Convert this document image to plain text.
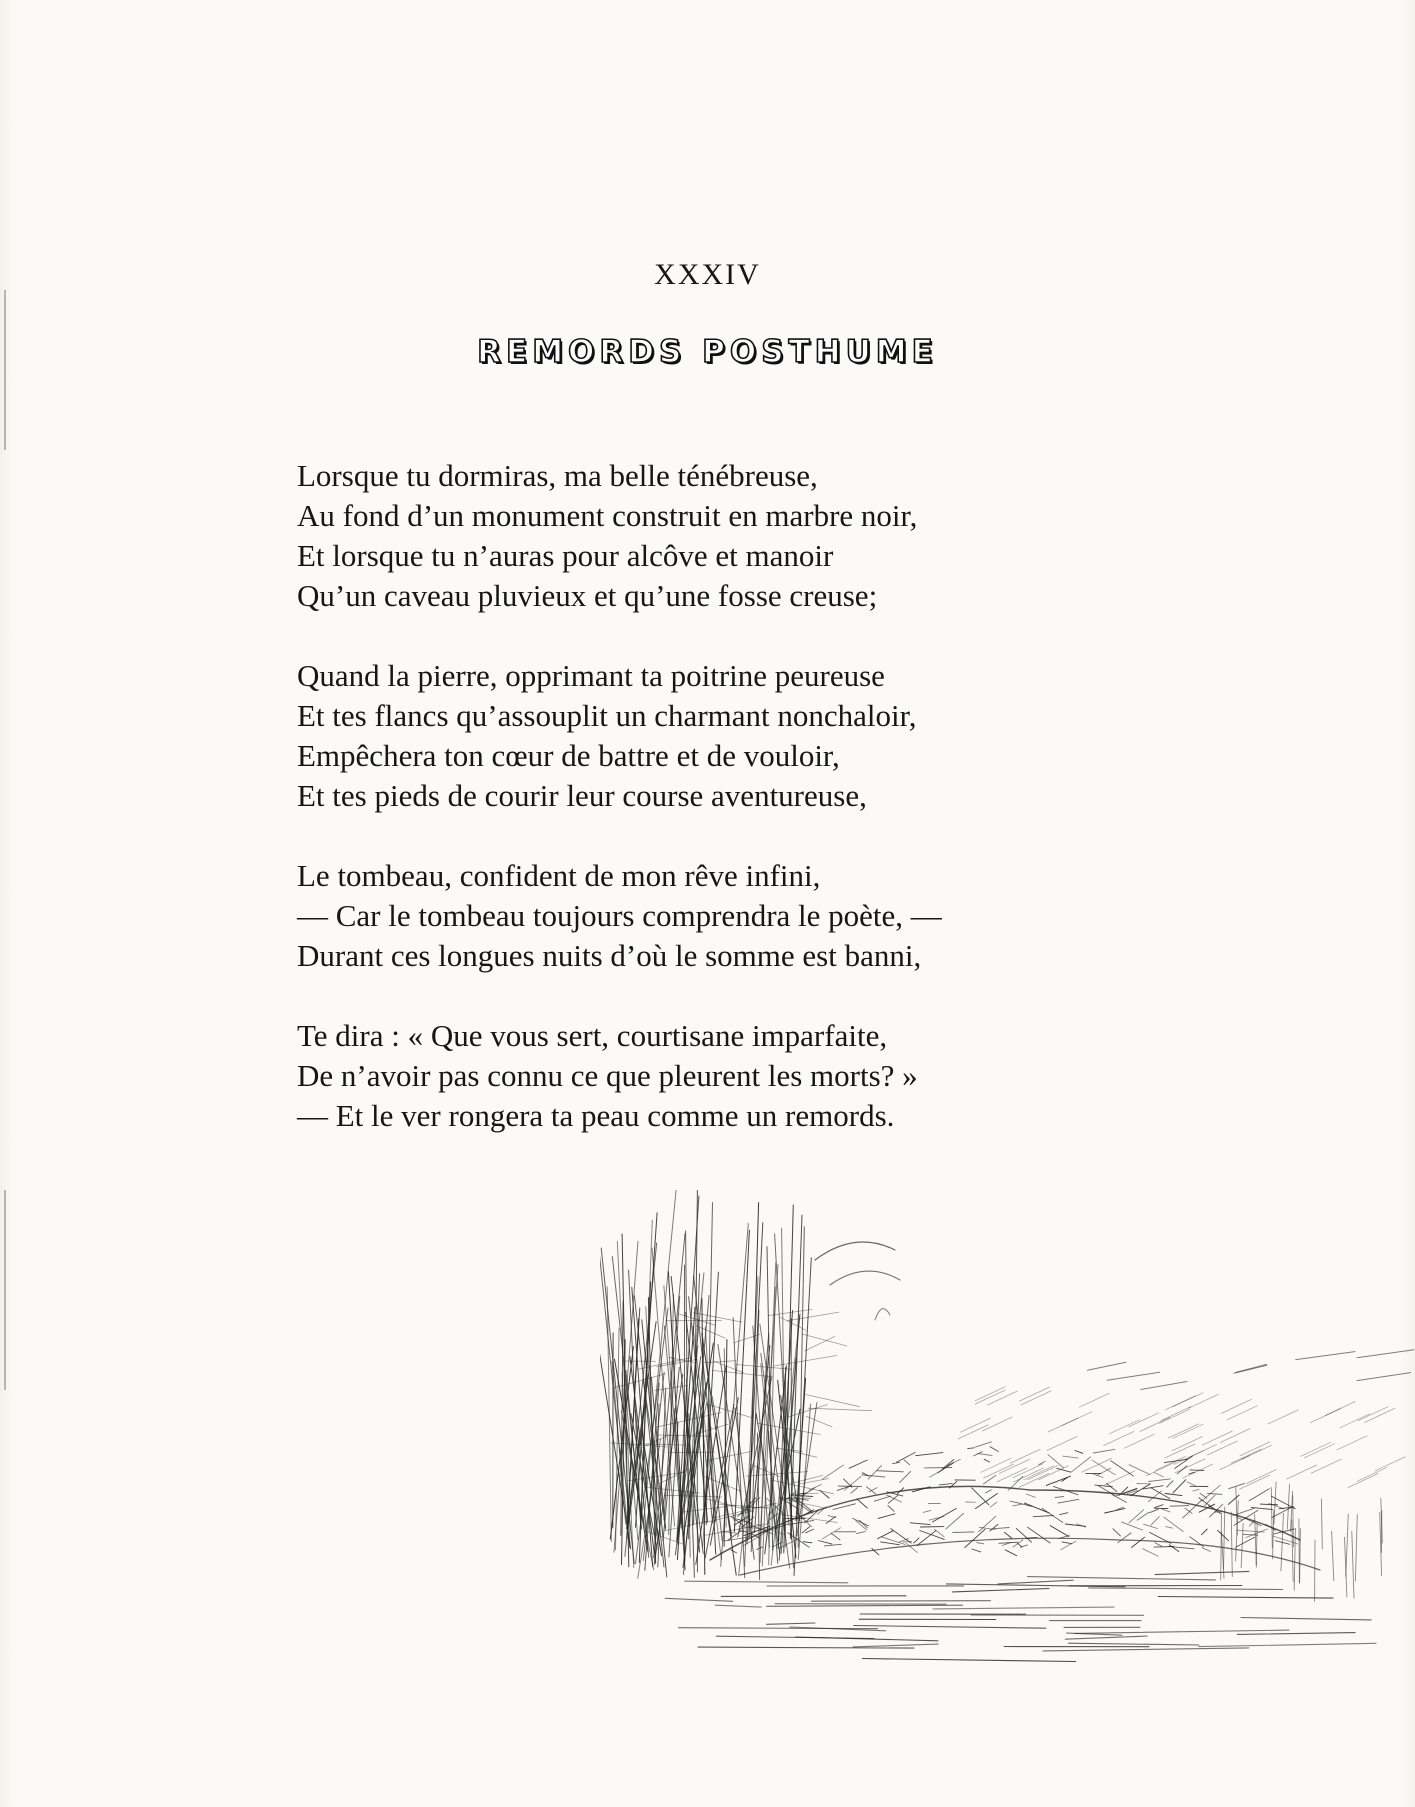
XXXIV
REMORDS POSTHUME
Lorsque tu dormiras, ma belle ténébreuse,
Au fond d’un monument construit en marbre noir,
Et lorsque tu n’auras pour alcôve et manoir
Qu’un caveau pluvieux et qu’une fosse creuse;
Quand la pierre, opprimant ta poitrine peureuse
Et tes flancs qu’assouplit un charmant nonchaloir,
Empêchera ton cœur de battre et de vouloir,
Et tes pieds de courir leur course aventureuse,
Le tombeau, confident de mon rêve infini,
— Car le tombeau toujours comprendra le poète, —
Durant ces longues nuits d’où le somme est banni,
Te dira : « Que vous sert, courtisane imparfaite,
De n’avoir pas connu ce que pleurent les morts? »
— Et le ver rongera ta peau comme un remords.
